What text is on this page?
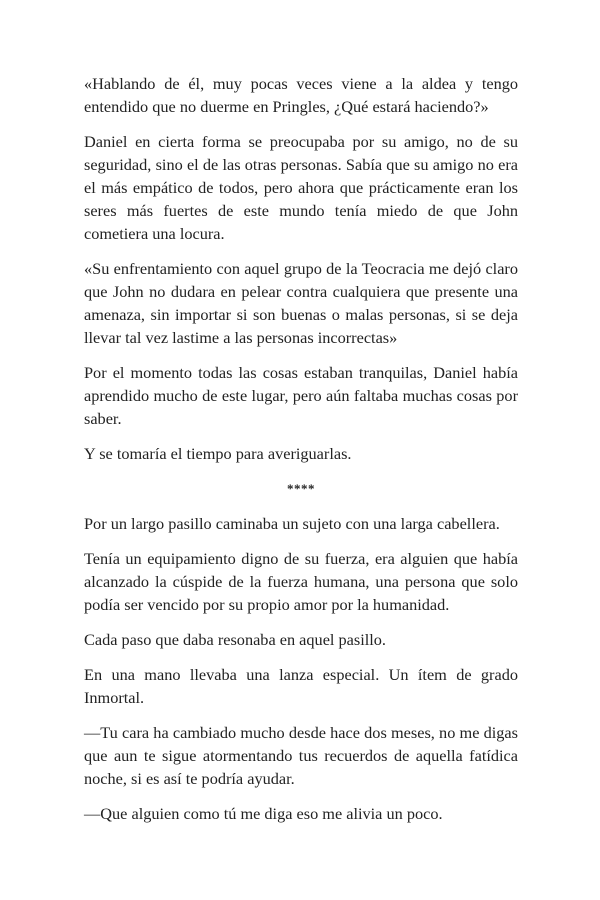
«Hablando de él, muy pocas veces viene a la aldea y tengo entendido que no duerme en Pringles, ¿Qué estará haciendo?»

Daniel en cierta forma se preocupaba por su amigo, no de su seguridad, sino el de las otras personas. Sabía que su amigo no era el más empático de todos, pero ahora que prácticamente eran los seres más fuertes de este mundo tenía miedo de que John cometiera una locura.

«Su enfrentamiento con aquel grupo de la Teocracia me dejó claro que John no dudara en pelear contra cualquiera que presente una amenaza, sin importar si son buenas o malas personas, si se deja llevar tal vez lastime a las personas incorrectas»

Por el momento todas las cosas estaban tranquilas, Daniel había aprendido mucho de este lugar, pero aún faltaba muchas cosas por saber.

Y se tomaría el tiempo para averiguarlas.

****

Por un largo pasillo caminaba un sujeto con una larga cabellera.

Tenía un equipamiento digno de su fuerza, era alguien que había alcanzado la cúspide de la fuerza humana, una persona que solo podía ser vencido por su propio amor por la humanidad.

Cada paso que daba resonaba en aquel pasillo.

En una mano llevaba una lanza especial. Un ítem de grado Inmortal.

—Tu cara ha cambiado mucho desde hace dos meses, no me digas que aun te sigue atormentando tus recuerdos de aquella fatídica noche, si es así te podría ayudar.

—Que alguien como tú me diga eso me alivia un poco.
